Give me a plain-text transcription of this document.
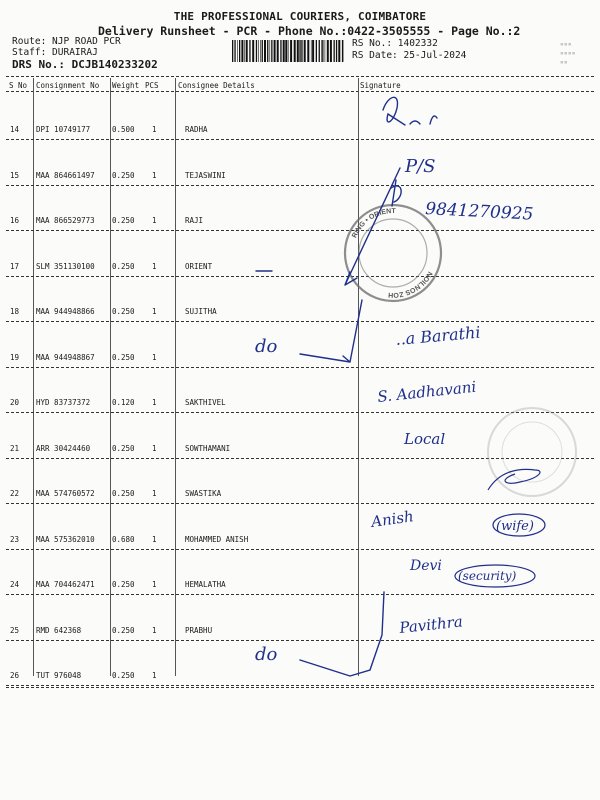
THE PROFESSIONAL COURIERS, COIMBATORE
Delivery Runsheet - PCR - Phone No.:0422-3505555 - Page No.:2
Route: NJP ROAD PCR
Staff: DURAIRAJ
DRS No.: DCJB140233202
RS No.: 1402332
RS Date: 25-Jul-2024
▪▪▪
▪▪▪▪
▪▪
S No Consignment No Weight PCS	Consignee Details	Signature
14 DPI 10749177	0.500 1	RADHA
15 MAA 864661497 0.250 1	TEJASWINI
16 MAA 866529773 0.250 1	RAJI
17 SLM 351130100 0.250 1	ORIENT
18 MAA 944948866 0.250 1	SUJITHA
19 MAA 944948867 0.250 1
20 HYD 83737372	0.120 1	SAKTHIVEL
21 ARR 30424460	0.250 1	SOWTHAMANI
22 MAA 574760572 0.250 1	SWASTIKA
23 MAA 575362010 0.680 1	MOHAMMED ANISH
24 MAA 704462471 0.250 1	HEMALATHA
25 RMD 642368	0.250 1	PRABHU
26 TUT 976048	0.250 1
RING • ORIENT
NOILNOS ZOH
P/S
9841270925
do	..a Barathi
S. Aadhavani
Local
Anish	(wife)
Devi
(security)
Pavithra
do
